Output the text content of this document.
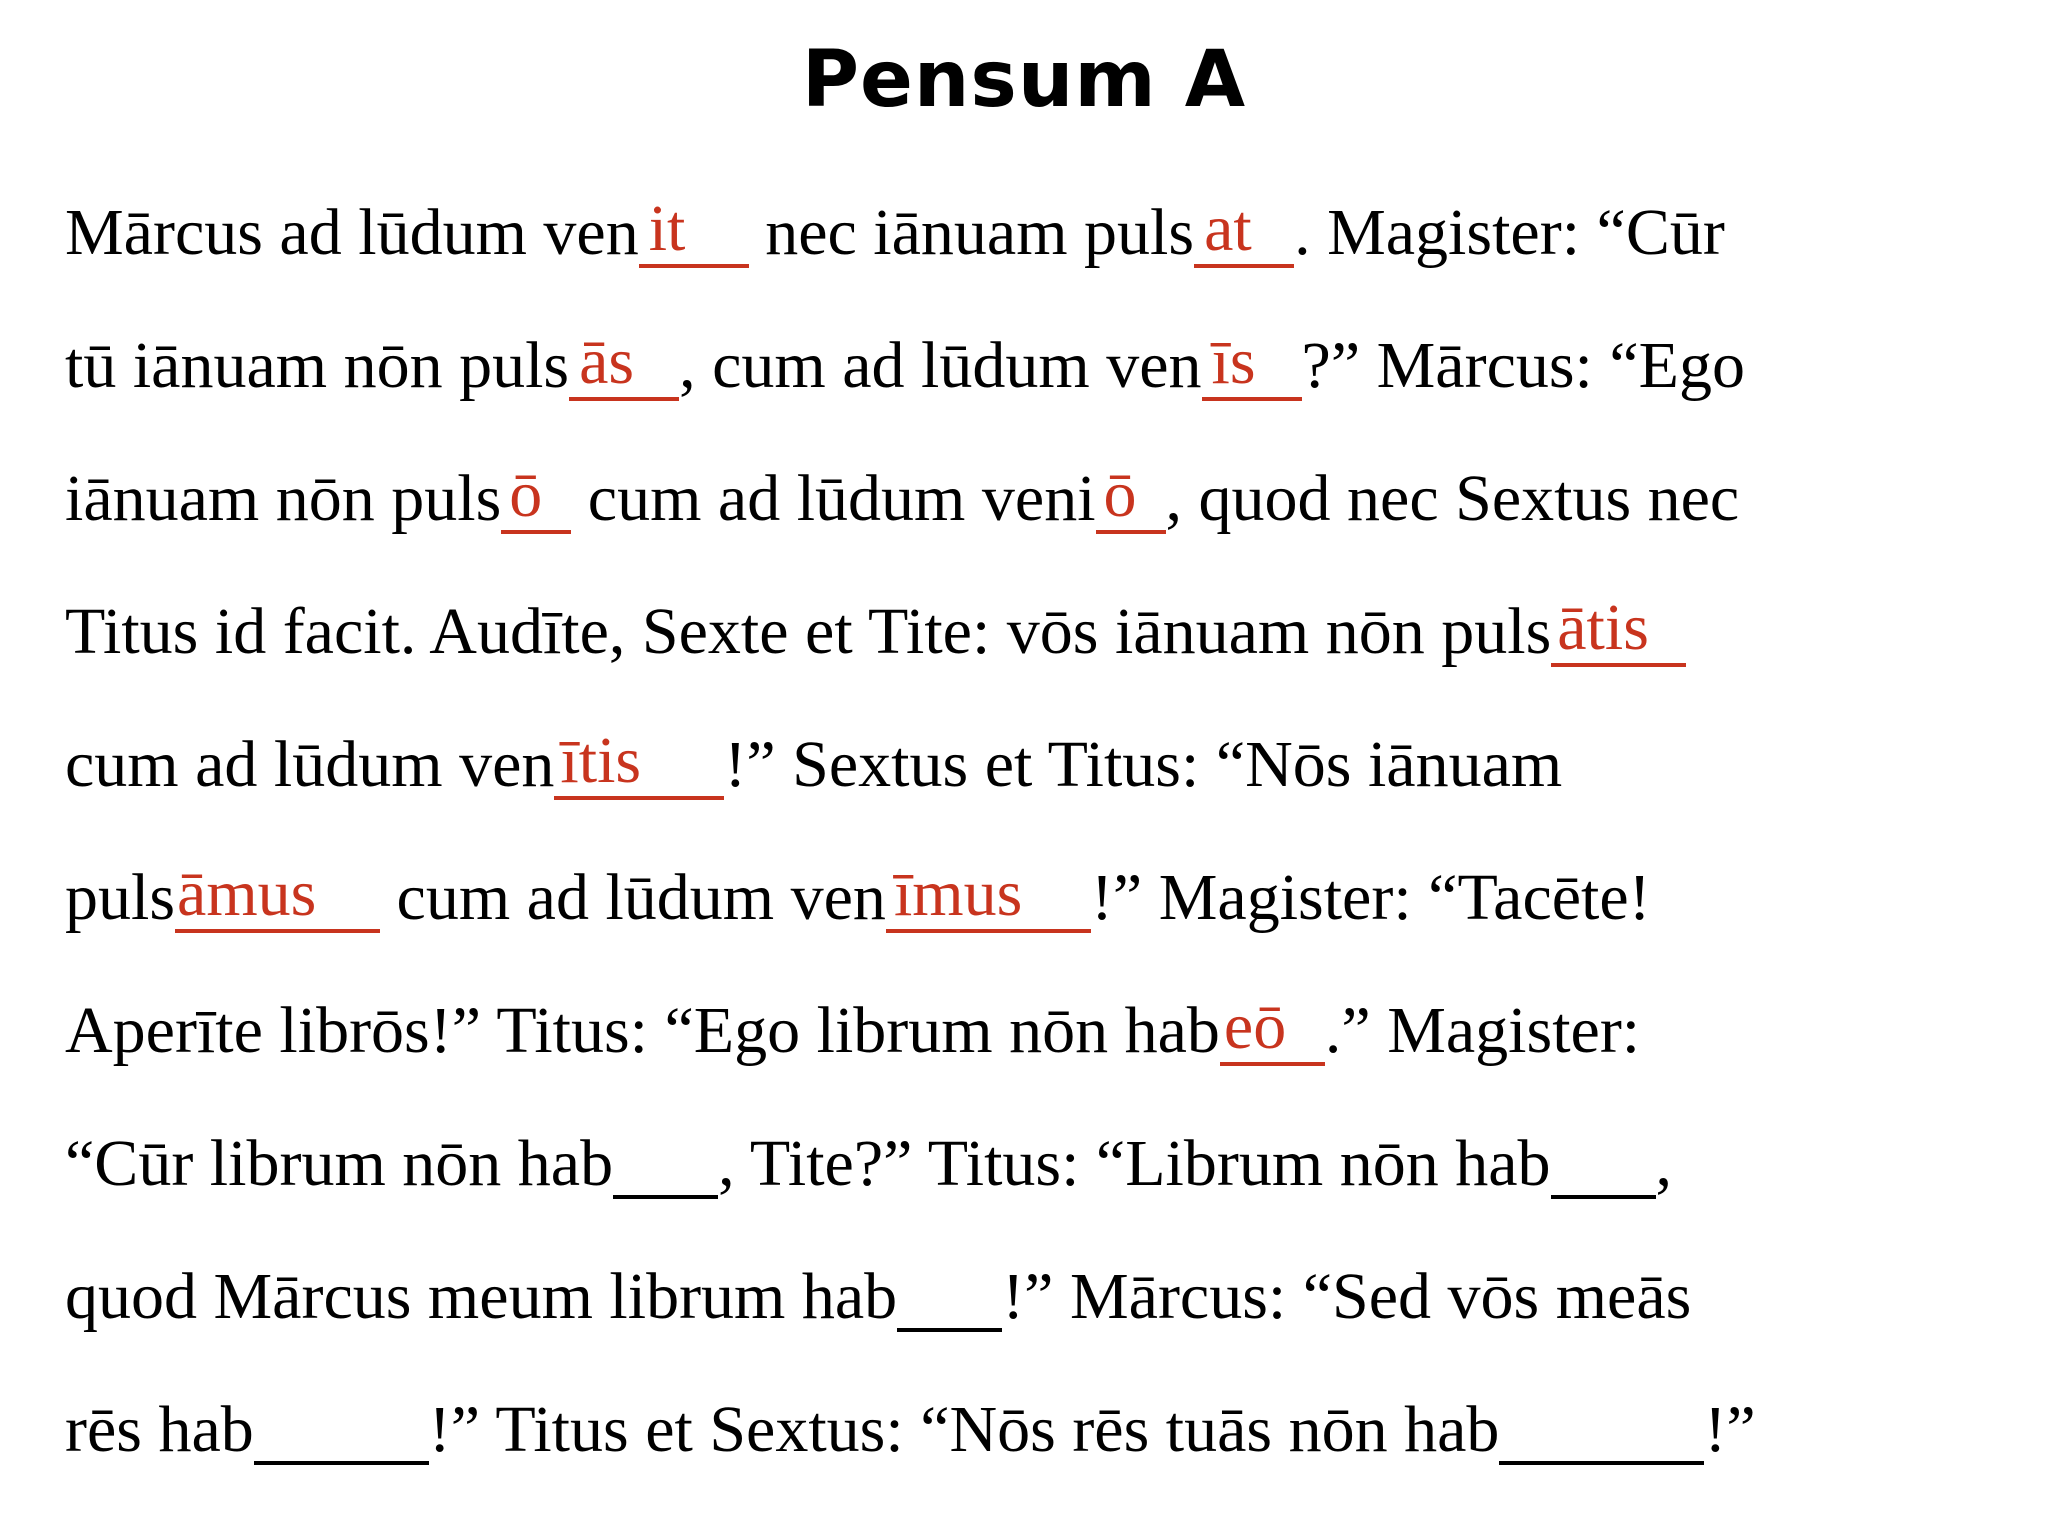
Pensum A
Mārcus ad lūdum ven it nec iānuam puls at . Magister: “Cūr
tū iānuam nōn puls ās , cum ad lūdum ven īs ?” Mārcus: “Ego
iānuam nōn puls ō cum ad lūdum veni ō , quod nec Sextus nec
Titus id facit. Audīte, Sexte et Tite: vōs iānuam nōn puls ātis
cum ad lūdum ven ītis !” Sextus et Titus: “Nōs iānuam
puls āmus cum ad lūdum ven īmus !” Magister: “Tacēte!
Aperīte librōs!” Titus: “Ego librum nōn hab eō .” Magister:
“Cūr librum nōn hab , Tite?” Titus: “Librum nōn hab ,
quod Mārcus meum librum hab !” Mārcus: “Sed vōs meās
rēs hab	!” Titus et Sextus: “Nōs rēs tuās nōn hab	!”
